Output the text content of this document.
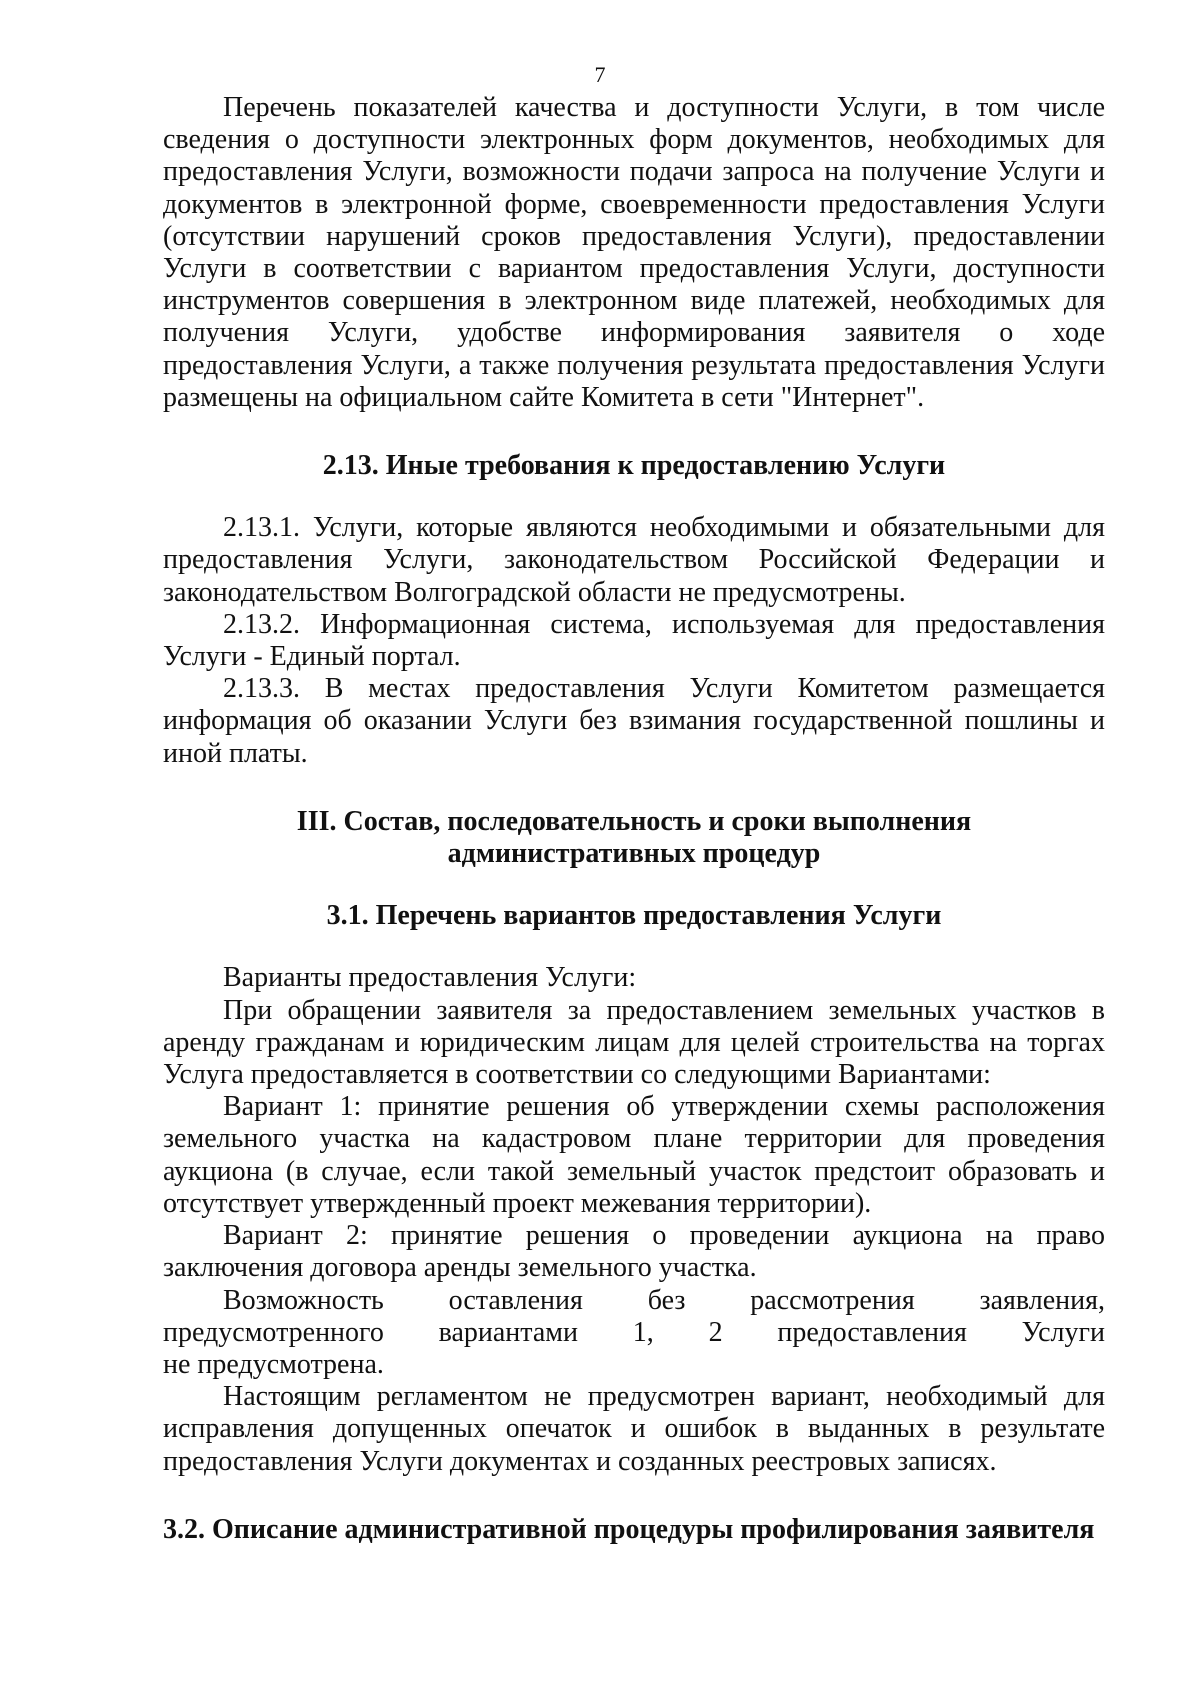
7

Перечень показателей качества и доступности Услуги, в том числе сведения о доступности электронных форм документов, необходимых для предоставления Услуги, возможности подачи запроса на получение Услуги и документов в электронной форме, своевременности предоставления Услуги (отсутствии нарушений сроков предоставления Услуги), предоставлении Услуги в соответствии с вариантом предоставления Услуги, доступности инструментов совершения в электронном виде платежей, необходимых для получения Услуги, удобстве информирования заявителя о ходе предоставления Услуги, а также получения результата предоставления Услуги размещены на официальном сайте Комитета в сети "Интернет".

2.13. Иные требования к предоставлению Услуги

2.13.1. Услуги, которые являются необходимыми и обязательными для предоставления Услуги, законодательством Российской Федерации и законодательством Волгоградской области не предусмотрены.

2.13.2. Информационная система, используемая для предоставления Услуги - Единый портал.

2.13.3. В местах предоставления Услуги Комитетом размещается информация об оказании Услуги без взимания государственной пошлины и иной платы.

III. Состав, последовательность и сроки выполнения
административных процедур
3.1. Перечень вариантов предоставления Услуги

Варианты предоставления Услуги:

При обращении заявителя за предоставлением земельных участков в аренду гражданам и юридическим лицам для целей строительства на торгах Услуга предоставляется в соответствии со следующими Вариантами:

Вариант 1: принятие решения об утверждении схемы расположения земельного участка на кадастровом плане территории для проведения аукциона (в случае, если такой земельный участок предстоит образовать и отсутствует утвержденный проект межевания территории).

Вариант 2: принятие решения о проведении аукциона на право заключения договора аренды земельного участка.

Возможность оставления без рассмотрения заявления,
предусмотренного вариантами 1, 2 предоставления Услуги

не предусмотрена.

Настоящим регламентом не предусмотрен вариант, необходимый для исправления допущенных опечаток и ошибок в выданных в результате предоставления Услуги документах и созданных реестровых записях.

3.2. Описание административной процедуры профилирования заявителя
